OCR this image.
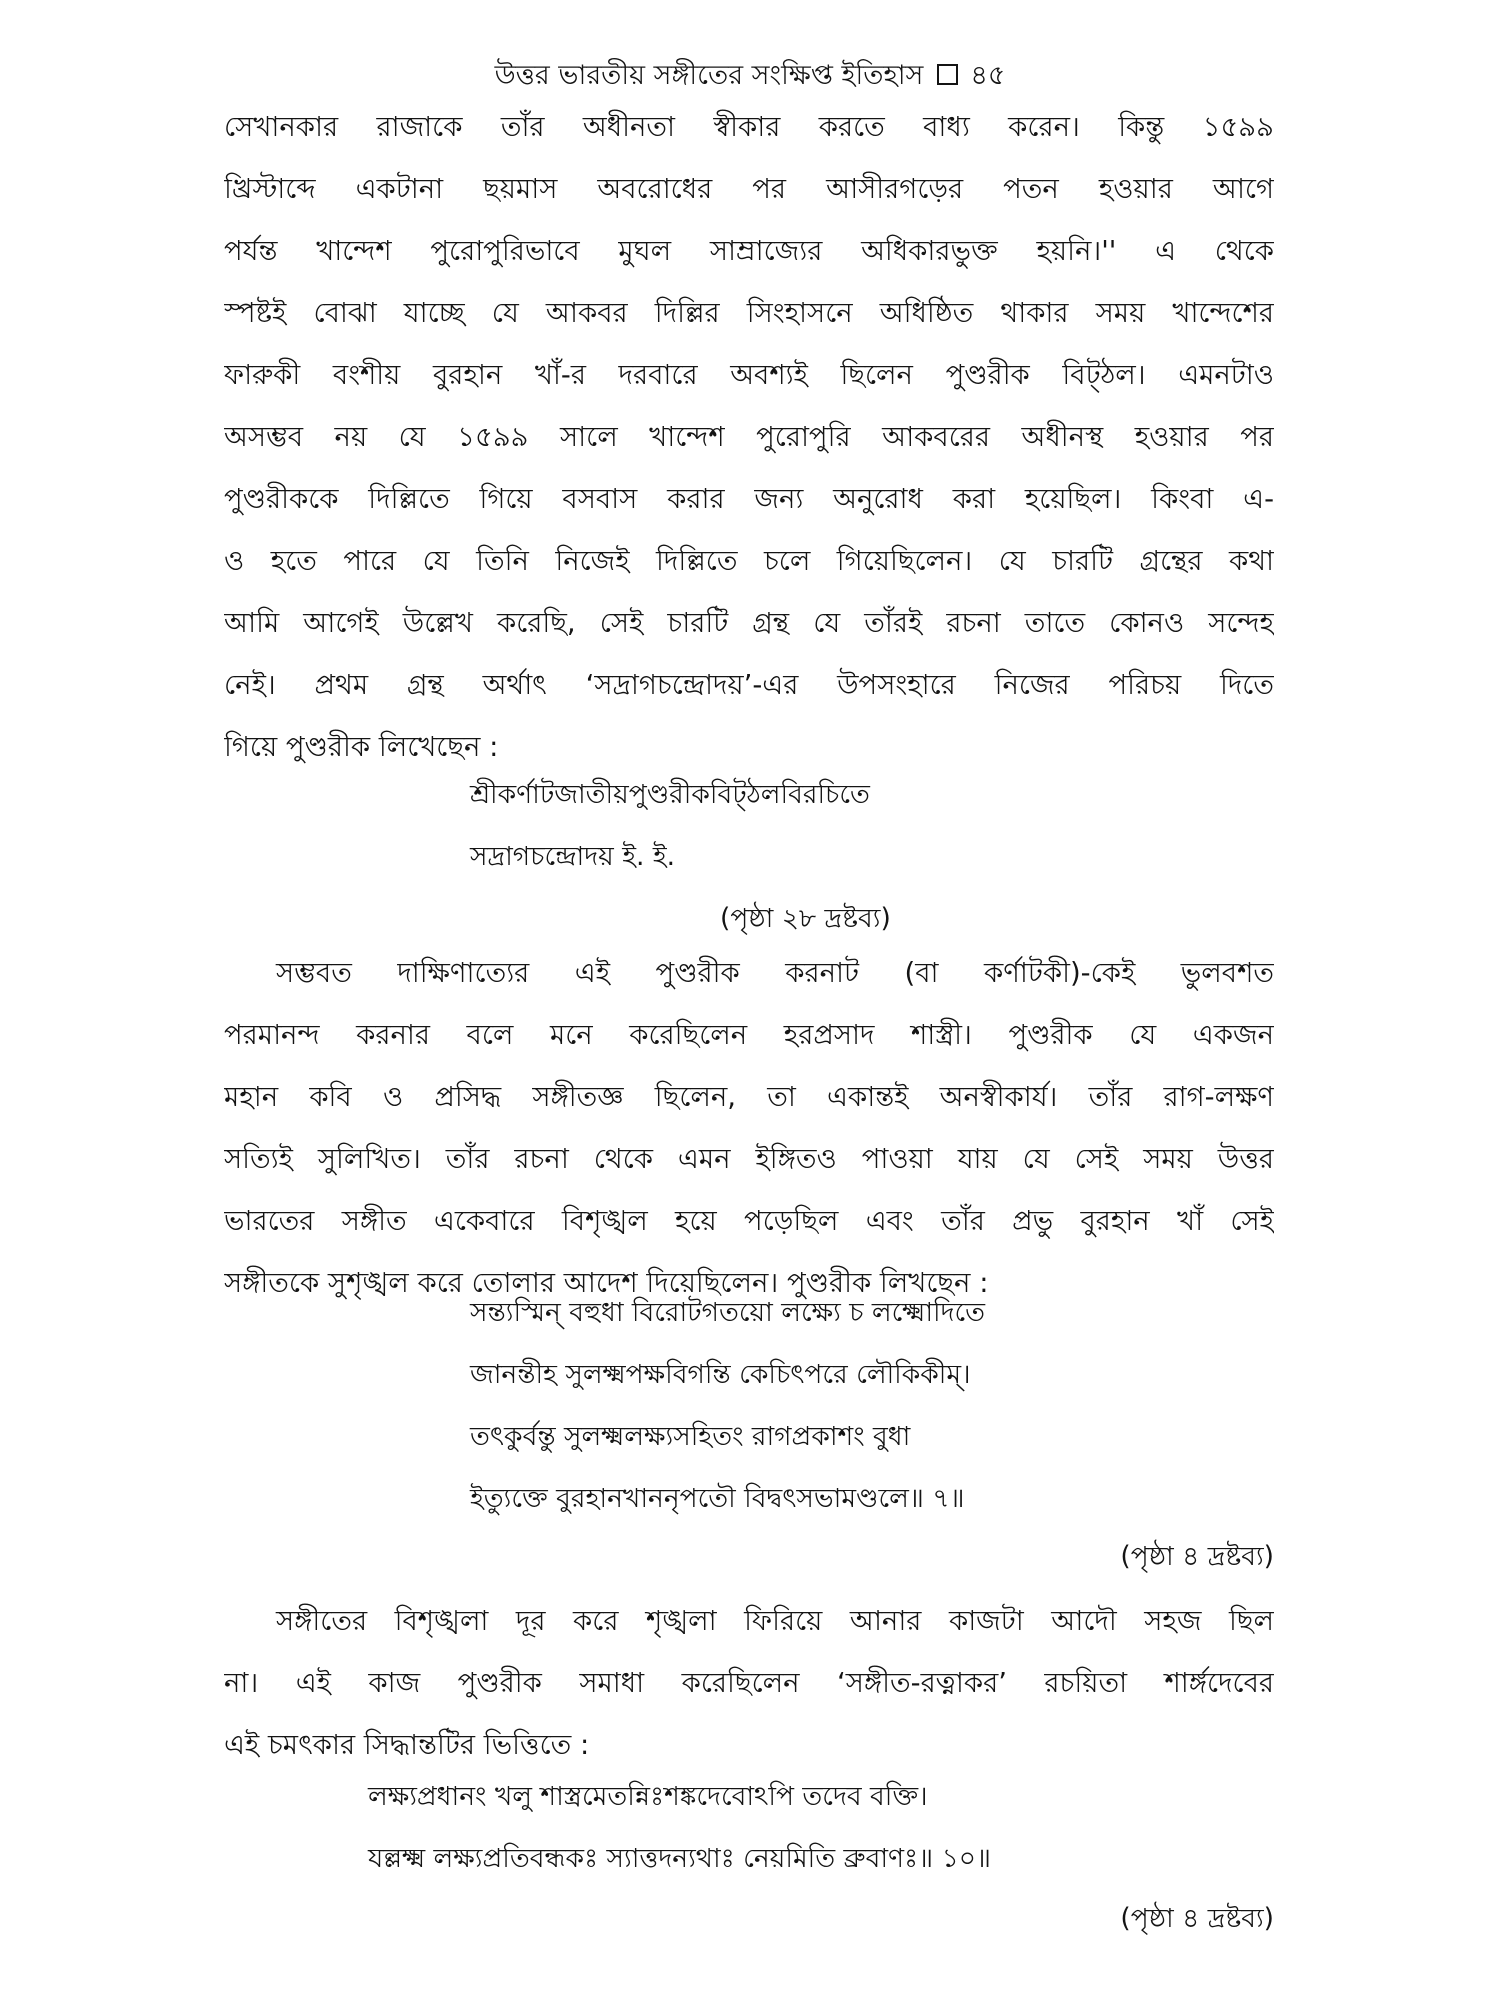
উত্তর ভারতীয় সঙ্গীতের সংক্ষিপ্ত ইতিহাস ৪৫
সেখানকার রাজাকে তাঁর অধীনতা স্বীকার করতে বাধ্য করেন। কিন্তু ১৫৯৯
খ্রিস্টাব্দে একটানা ছয়মাস অবরোধের পর আসীরগড়ের পতন হওয়ার আগে
পর্যন্ত খান্দেশ পুরোপুরিভাবে মুঘল সাম্রাজ্যের অধিকারভুক্ত হয়নি।'' এ থেকে
স্পষ্টই বোঝা যাচ্ছে যে আকবর দিল্লির সিংহাসনে অধিষ্ঠিত থাকার সময় খান্দেশের
ফারুকী বংশীয় বুরহান খাঁ-র দরবারে অবশ্যই ছিলেন পুণ্ডরীক বিট্ঠল। এমনটাও
অসম্ভব নয় যে ১৫৯৯ সালে খান্দেশ পুরোপুরি আকবরের অধীনস্থ হওয়ার পর
পুণ্ডরীককে দিল্লিতে গিয়ে বসবাস করার জন্য অনুরোধ করা হয়েছিল। কিংবা এ-
ও হতে পারে যে তিনি নিজেই দিল্লিতে চলে গিয়েছিলেন। যে চারটি গ্রন্থের কথা
আমি আগেই উল্লেখ করেছি, সেই চারটি গ্রন্থ যে তাঁরই রচনা তাতে কোনও সন্দেহ
নেই। প্রথম গ্রন্থ অর্থাৎ ‘সদ্রাগচন্দ্রোদয়’-এর উপসংহারে নিজের পরিচয় দিতে
গিয়ে পুণ্ডরীক লিখেছেন :
শ্রীকর্ণাটজাতীয়পুণ্ডরীকবিট্ঠলবিরচিতে
সদ্রাগচন্দ্রোদয় ই. ই.
(পৃষ্ঠা ২৮ দ্রষ্টব্য)
সম্ভবত দাক্ষিণাত্যের এই পুণ্ডরীক করনাট (বা কর্ণাটকী)-কেই ভুলবশত
পরমানন্দ করনার বলে মনে করেছিলেন হরপ্রসাদ শাস্ত্রী। পুণ্ডরীক যে একজন
মহান কবি ও প্রসিদ্ধ সঙ্গীতজ্ঞ ছিলেন, তা একান্তই অনস্বীকার্য। তাঁর রাগ-লক্ষণ
সত্যিই সুলিখিত। তাঁর রচনা থেকে এমন ইঙ্গিতও পাওয়া যায় যে সেই সময় উত্তর
ভারতের সঙ্গীত একেবারে বিশৃঙ্খল হয়ে পড়েছিল এবং তাঁর প্রভু বুরহান খাঁ সেই
সঙ্গীতকে সুশৃঙ্খল করে তোলার আদেশ দিয়েছিলেন। পুণ্ডরীক লিখছেন :
সন্ত্যস্মিন্ বহুধা বিরোটগতয়ো লক্ষ্যে চ লক্ষ্মোদিতে
জানন্তীহ সুলক্ষ্মপক্ষবিগন্তি কেচিৎপরে লৌকিকীম্।
তৎকুর্বন্তু সুলক্ষ্মলক্ষ্যসহিতং রাগপ্রকাশং বুধা
ইত্যুক্তে বুরহানখাননৃপতৌ বিদ্বৎসভামণ্ডলে॥ ৭॥
(পৃষ্ঠা ৪ দ্রষ্টব্য)
সঙ্গীতের বিশৃঙ্খলা দূর করে শৃঙ্খলা ফিরিয়ে আনার কাজটা আদৌ সহজ ছিল
না। এই কাজ পুণ্ডরীক সমাধা করেছিলেন ‘সঙ্গীত-রত্নাকর’ রচয়িতা শার্ঙ্গদেবের
এই চমৎকার সিদ্ধান্তটির ভিত্তিতে :
লক্ষ্যপ্রধানং খলু শাস্ত্রমেতন্নিঃশঙ্কদেবোঽপি তদেব বক্তি।
যল্লক্ষ্ম লক্ষ্যপ্রতিবন্ধকঃ স্যাত্তদন্যথাঃ নেয়মিতি ব্রুবাণঃ॥ ১০॥
(পৃষ্ঠা ৪ দ্রষ্টব্য)
